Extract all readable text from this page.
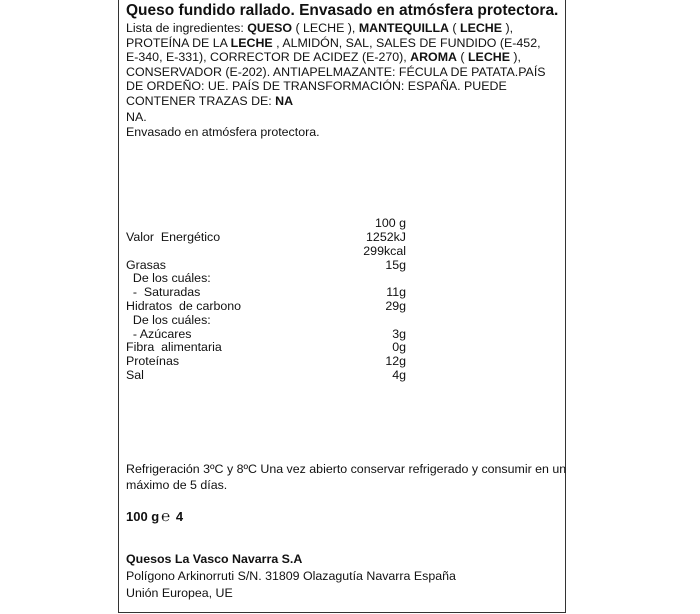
Queso fundido rallado. Envasado en atmósfera protectora.
Lista de ingredientes: QUESO ( LECHE ), MANTEQUILLA ( LECHE ),
PROTEÍNA DE LA LECHE , ALMIDÓN, SAL, SALES DE FUNDIDO (E-452,
E-340, E-331), CORRECTOR DE ACIDEZ (E-270), AROMA ( LECHE ),
CONSERVADOR (E-202). ANTIAPELMAZANTE: FÉCULA DE PATATA.PAÍS
DE ORDEÑO: UE. PAÍS DE TRANSFORMACIÓN: ESPAÑA. PUEDE
CONTENER TRAZAS DE: NA
NA.
Envasado en atmósfera protectora.
100 g
Valor  Energético	1252kJ
299kcal
Grasas	15g
De los cuáles:
-  Saturadas	11g
Hidratos  de carbono	29g
De los cuáles:
- Azúcares	3g
Fibra  alimentaria	0g
Proteínas	12g
Sal	4g
Refrigeración 3ºC y 8ºC Una vez abierto conservar refrigerado y consumir en un
máximo de 5 días.
100 g ℮ 4
Quesos La Vasco Navarra S.A
Polígono Arkinorruti S/N. 31809 Olazagutía Navarra España
Unión Europea, UE
